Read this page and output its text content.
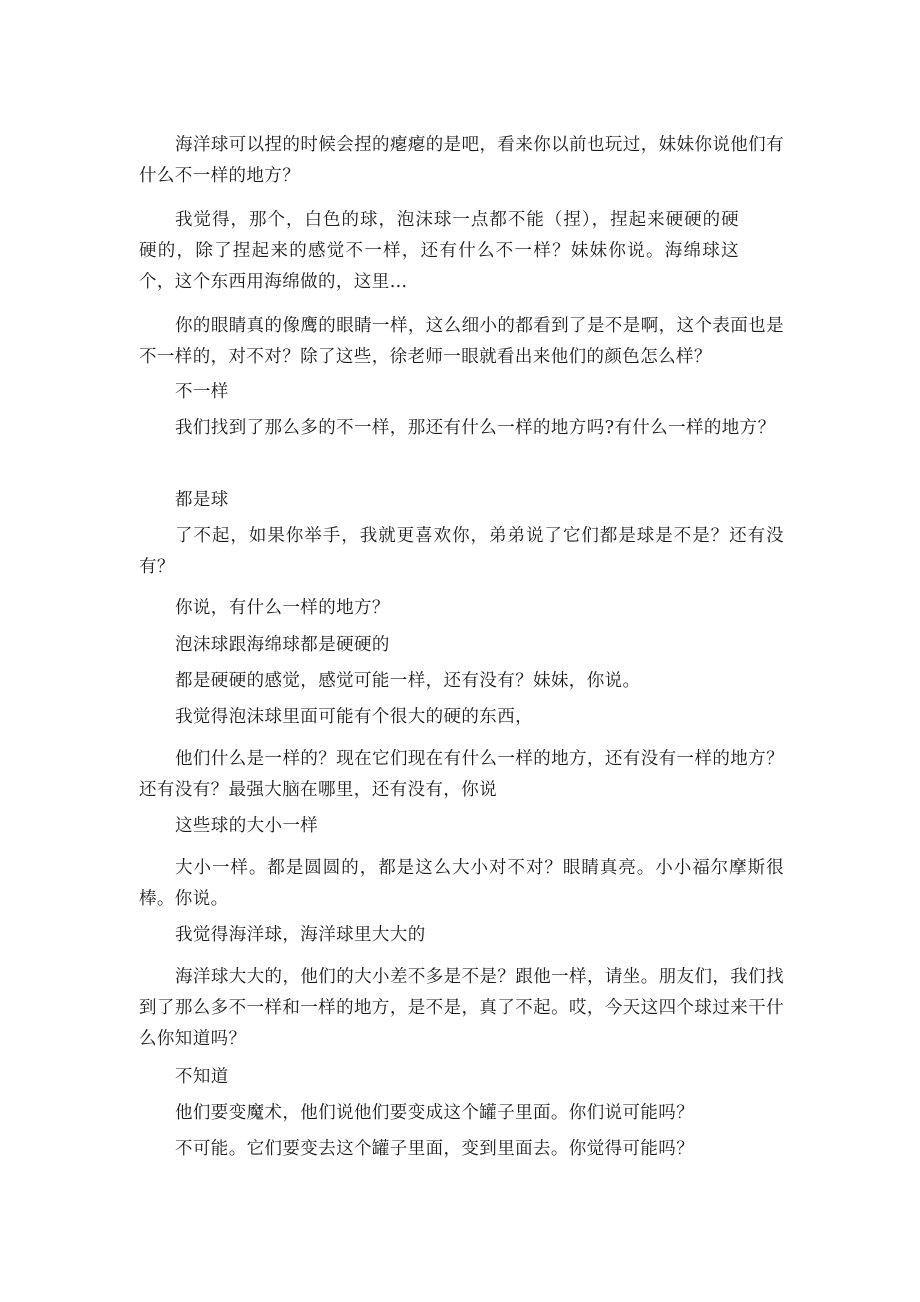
海洋球可以捏的时候会捏的瘪瘪的是吧，看来你以前也玩过，妹妹你说他们有什么不一样的地方？

我觉得，那个，白色的球，泡沫球一点都不能（捏），捏起来硬硬的硬硬的，除了捏起来的感觉不一样，还有什么不一样？妹妹你说。海绵球这个，这个东西用海绵做的，这里…

你的眼睛真的像鹰的眼睛一样，这么细小的都看到了是不是啊，这个表面也是不一样的，对不对？除了这些，徐老师一眼就看出来他们的颜色怎么样？

不一样

我们找到了那么多的不一样，那还有什么一样的地方吗?有什么一样的地方？

都是球

了不起，如果你举手，我就更喜欢你，弟弟说了它们都是球是不是？还有没有？

你说，有什么一样的地方？

泡沫球跟海绵球都是硬硬的

都是硬硬的感觉，感觉可能一样，还有没有？妹妹，你说。

我觉得泡沫球里面可能有个很大的硬的东西，

他们什么是一样的？现在它们现在有什么一样的地方，还有没有一样的地方？还有没有？最强大脑在哪里，还有没有，你说

这些球的大小一样

大小一样。都是圆圆的，都是这么大小对不对？眼睛真亮。小小福尔摩斯很棒。你说。

我觉得海洋球，海洋球里大大的

海洋球大大的，他们的大小差不多是不是？跟他一样，请坐。朋友们，我们找到了那么多不一样和一样的地方，是不是，真了不起。哎，今天这四个球过来干什么你知道吗？

不知道

他们要变魔术，他们说他们要变成这个罐子里面。你们说可能吗？

不可能。它们要变去这个罐子里面，变到里面去。你觉得可能吗？
